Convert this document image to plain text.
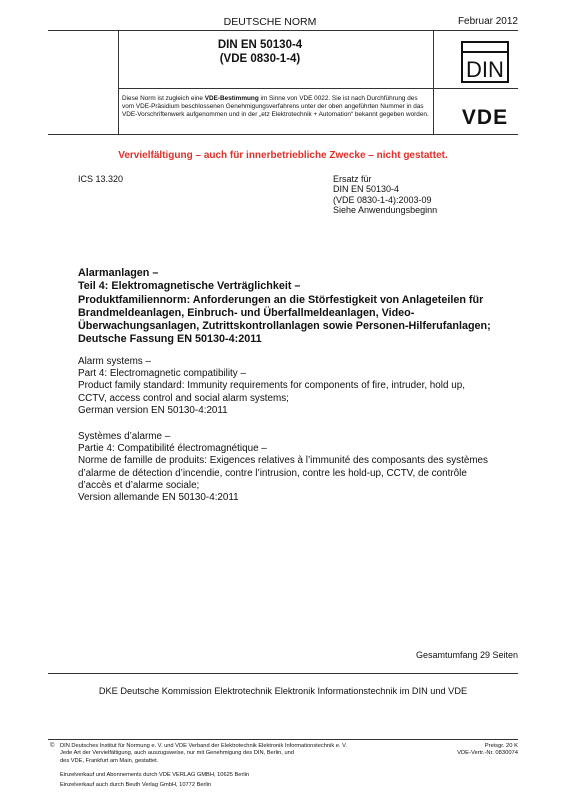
DEUTSCHE NORM	Februar 2012
DIN EN 50130-4
(VDE 0830-1-4)	DIN
Diese Norm ist zugleich eine VDE-Bestimmung im Sinne von VDE 0022. Sie ist nach Durchführung des vom VDE-Präsidium beschlossenen Genehmigungsverfahrens unter der oben angeführten Nummer in das VDE-Vorschriftenwerk aufgenommen und in der „etz Elektrotechnik + Automation“ bekannt gegeben worden. VDE
Vervielfältigung – auch für innerbetriebliche Zwecke – nicht gestattet.
ICS 13.320	Ersatz für
DIN EN 50130-4
(VDE 0830-1-4):2003-09
Siehe Anwendungsbeginn
Alarmanlagen –
Teil 4: Elektromagnetische Verträglichkeit –
Produktfamiliennorm: Anforderungen an die Störfestigkeit von Anlageteilen für
Brandmeldeanlagen, Einbruch- und Überfallmeldeanlagen, Video-
Überwachungsanlagen, Zutrittskontrollanlagen sowie Personen-Hilferufanlagen;
Deutsche Fassung EN 50130-4:2011
Alarm systems –
Part 4: Electromagnetic compatibility –
Product family standard: Immunity requirements for components of fire, intruder, hold up,
CCTV, access control and social alarm systems;
German version EN 50130-4:2011
Systèmes d’alarme –
Partie 4: Compatibilité électromagnétique –
Norme de famille de produits: Exigences relatives à l’immunité des composants des systèmes
d’alarme de détection d’incendie, contre l’intrusion, contre les hold-up, CCTV, de contrôle
d’accès et d’alarme sociale;
Version allemande EN 50130-4:2011
Gesamtumfang 29 Seiten
DKE Deutsche Kommission Elektrotechnik Elektronik Informationstechnik im DIN und VDE
© DIN Deutsches Institut für Normung e. V. und VDE Verband der Elektrotechnik Elektronik Informationstechnik e. V.
Jede Art der Vervielfältigung, auch auszugsweise, nur mit Genehmigung des DIN, Berlin, und
des VDE, Frankfurt am Main, gestattet.
Preisgr. 20 K
VDE-Vertr.-Nr. 0830074
Einzelverkauf und Abonnements durch VDE VERLAG GMBH, 10625 Berlin
Einzelverkauf auch durch Beuth Verlag GmbH, 10772 Berlin
